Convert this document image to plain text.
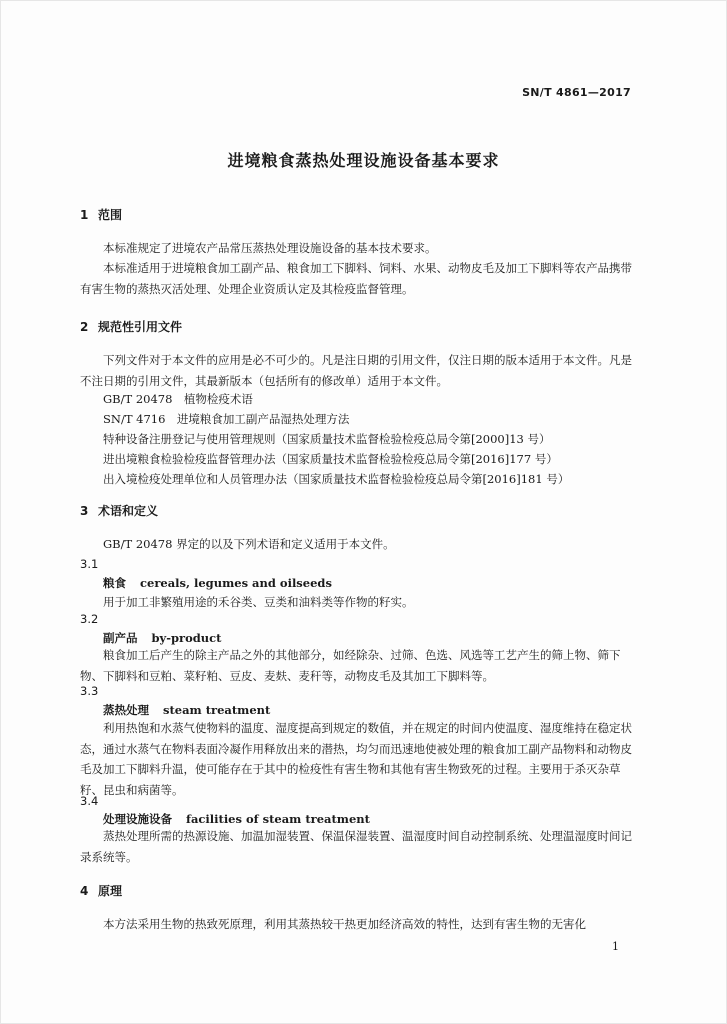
SN/T 4861—2017
进境粮食蒸热处理设施设备基本要求
1 范围
本标准规定了进境农产品常压蒸热处理设施设备的基本技术要求。
本标准适用于进境粮食加工副产品、粮食加工下脚料、饲料、水果、动物皮毛及加工下脚料等农产品携带有害生物的蒸热灭活处理、处理企业资质认定及其检疫监督管理。
2 规范性引用文件
下列文件对于本文件的应用是必不可少的。凡是注日期的引用文件，仅注日期的版本适用于本文件。凡是不注日期的引用文件，其最新版本（包括所有的修改单）适用于本文件。
GB/T 20478　植物检疫术语
SN/T 4716　进境粮食加工副产品湿热处理方法
特种设备注册登记与使用管理规则（国家质量技术监督检验检疫总局令第[2000]13 号）
进出境粮食检验检疫监督管理办法（国家质量技术监督检验检疫总局令第[2016]177 号）
出入境检疫处理单位和人员管理办法（国家质量技术监督检验检疫总局令第[2016]181 号）
3 术语和定义
GB/T 20478 界定的以及下列术语和定义适用于本文件。
3.1
粮食 cereals, legumes and oilseeds
用于加工非繁殖用途的禾谷类、豆类和油料类等作物的籽实。
3.2
副产品 by-product
粮食加工后产生的除主产品之外的其他部分，如经除杂、过筛、色选、风选等工艺产生的筛上物、筛下物、下脚料和豆粕、菜籽粕、豆皮、麦麸、麦秆等，动物皮毛及其加工下脚料等。
3.3
蒸热处理 steam treatment
利用热饱和水蒸气使物料的温度、湿度提高到规定的数值，并在规定的时间内使温度、湿度维持在稳定状态，通过水蒸气在物料表面冷凝作用释放出来的潜热，均匀而迅速地使被处理的粮食加工副产品物料和动物皮毛及加工下脚料升温，使可能存在于其中的检疫性有害生物和其他有害生物致死的过程。主要用于杀灭杂草籽、昆虫和病菌等。
3.4
处理设施设备 facilities of steam treatment
蒸热处理所需的热源设施、加温加湿装置、保温保湿装置、温湿度时间自动控制系统、处理温湿度时间记录系统等。
4 原理
本方法采用生物的热致死原理，利用其蒸热较干热更加经济高效的特性，达到有害生物的无害化
1
